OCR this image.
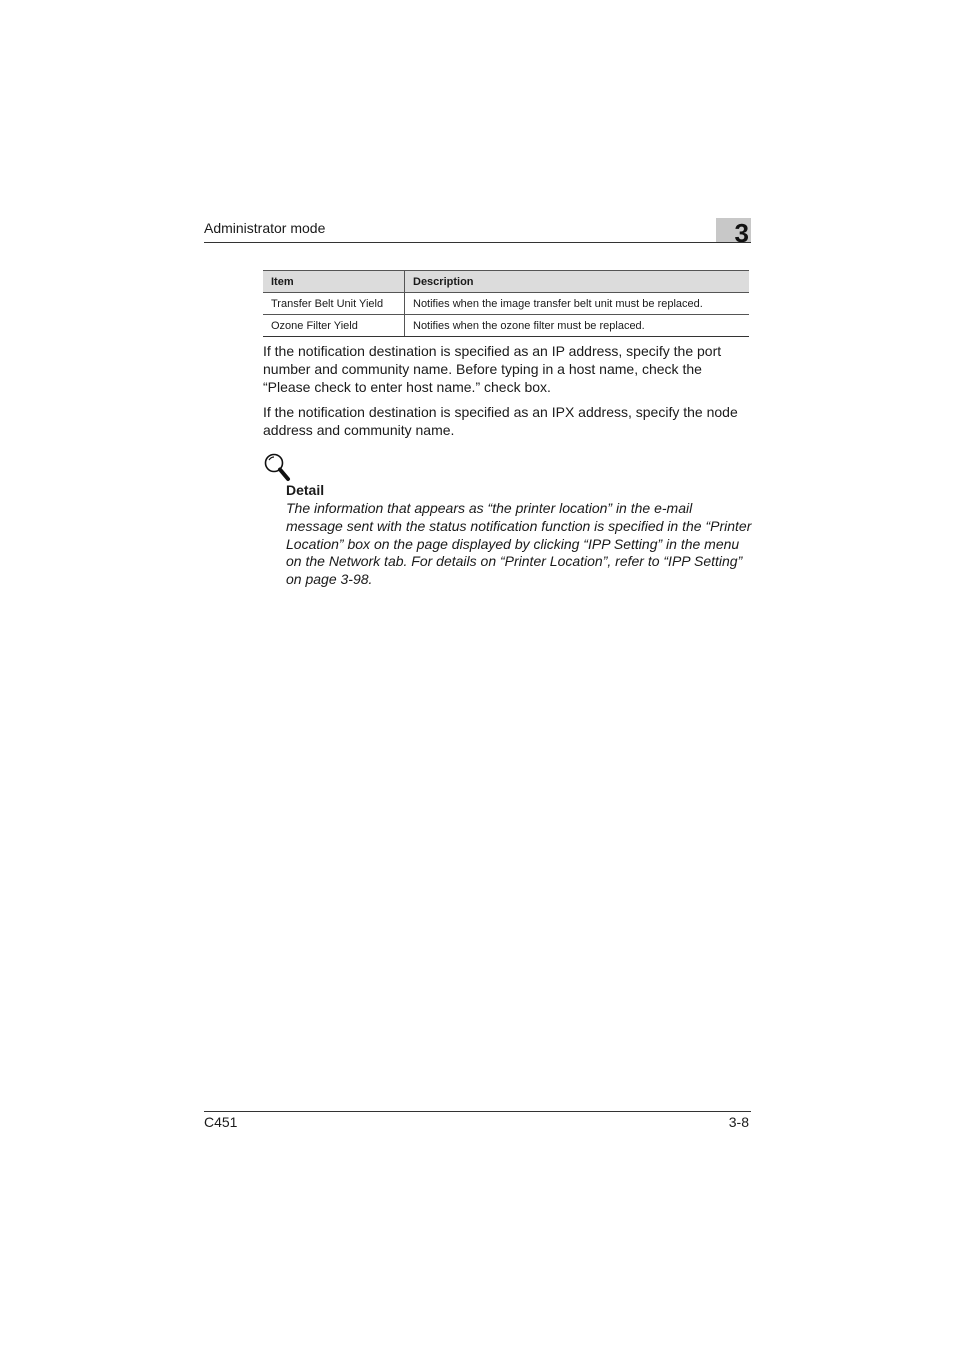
Administrator mode	3
Item	Description
Transfer Belt Unit Yield	Notifies when the image transfer belt unit must be replaced.
Ozone Filter Yield	Notifies when the ozone filter must be replaced.

If the notification destination is specified as an IP address, specify the port number and community name. Before typing in a host name, check the “Please check to enter host name.” check box.

If the notification destination is specified as an IPX address, specify the node address and community name.

Detail
The information that appears as “the printer location” in the e-mail message sent with the status notification function is specified in the “Printer Location” box on the page displayed by clicking “IPP Setting” in the menu on the Network tab. For details on “Printer Location”, refer to “IPP Setting” on page 3-98.
C451	3-8
